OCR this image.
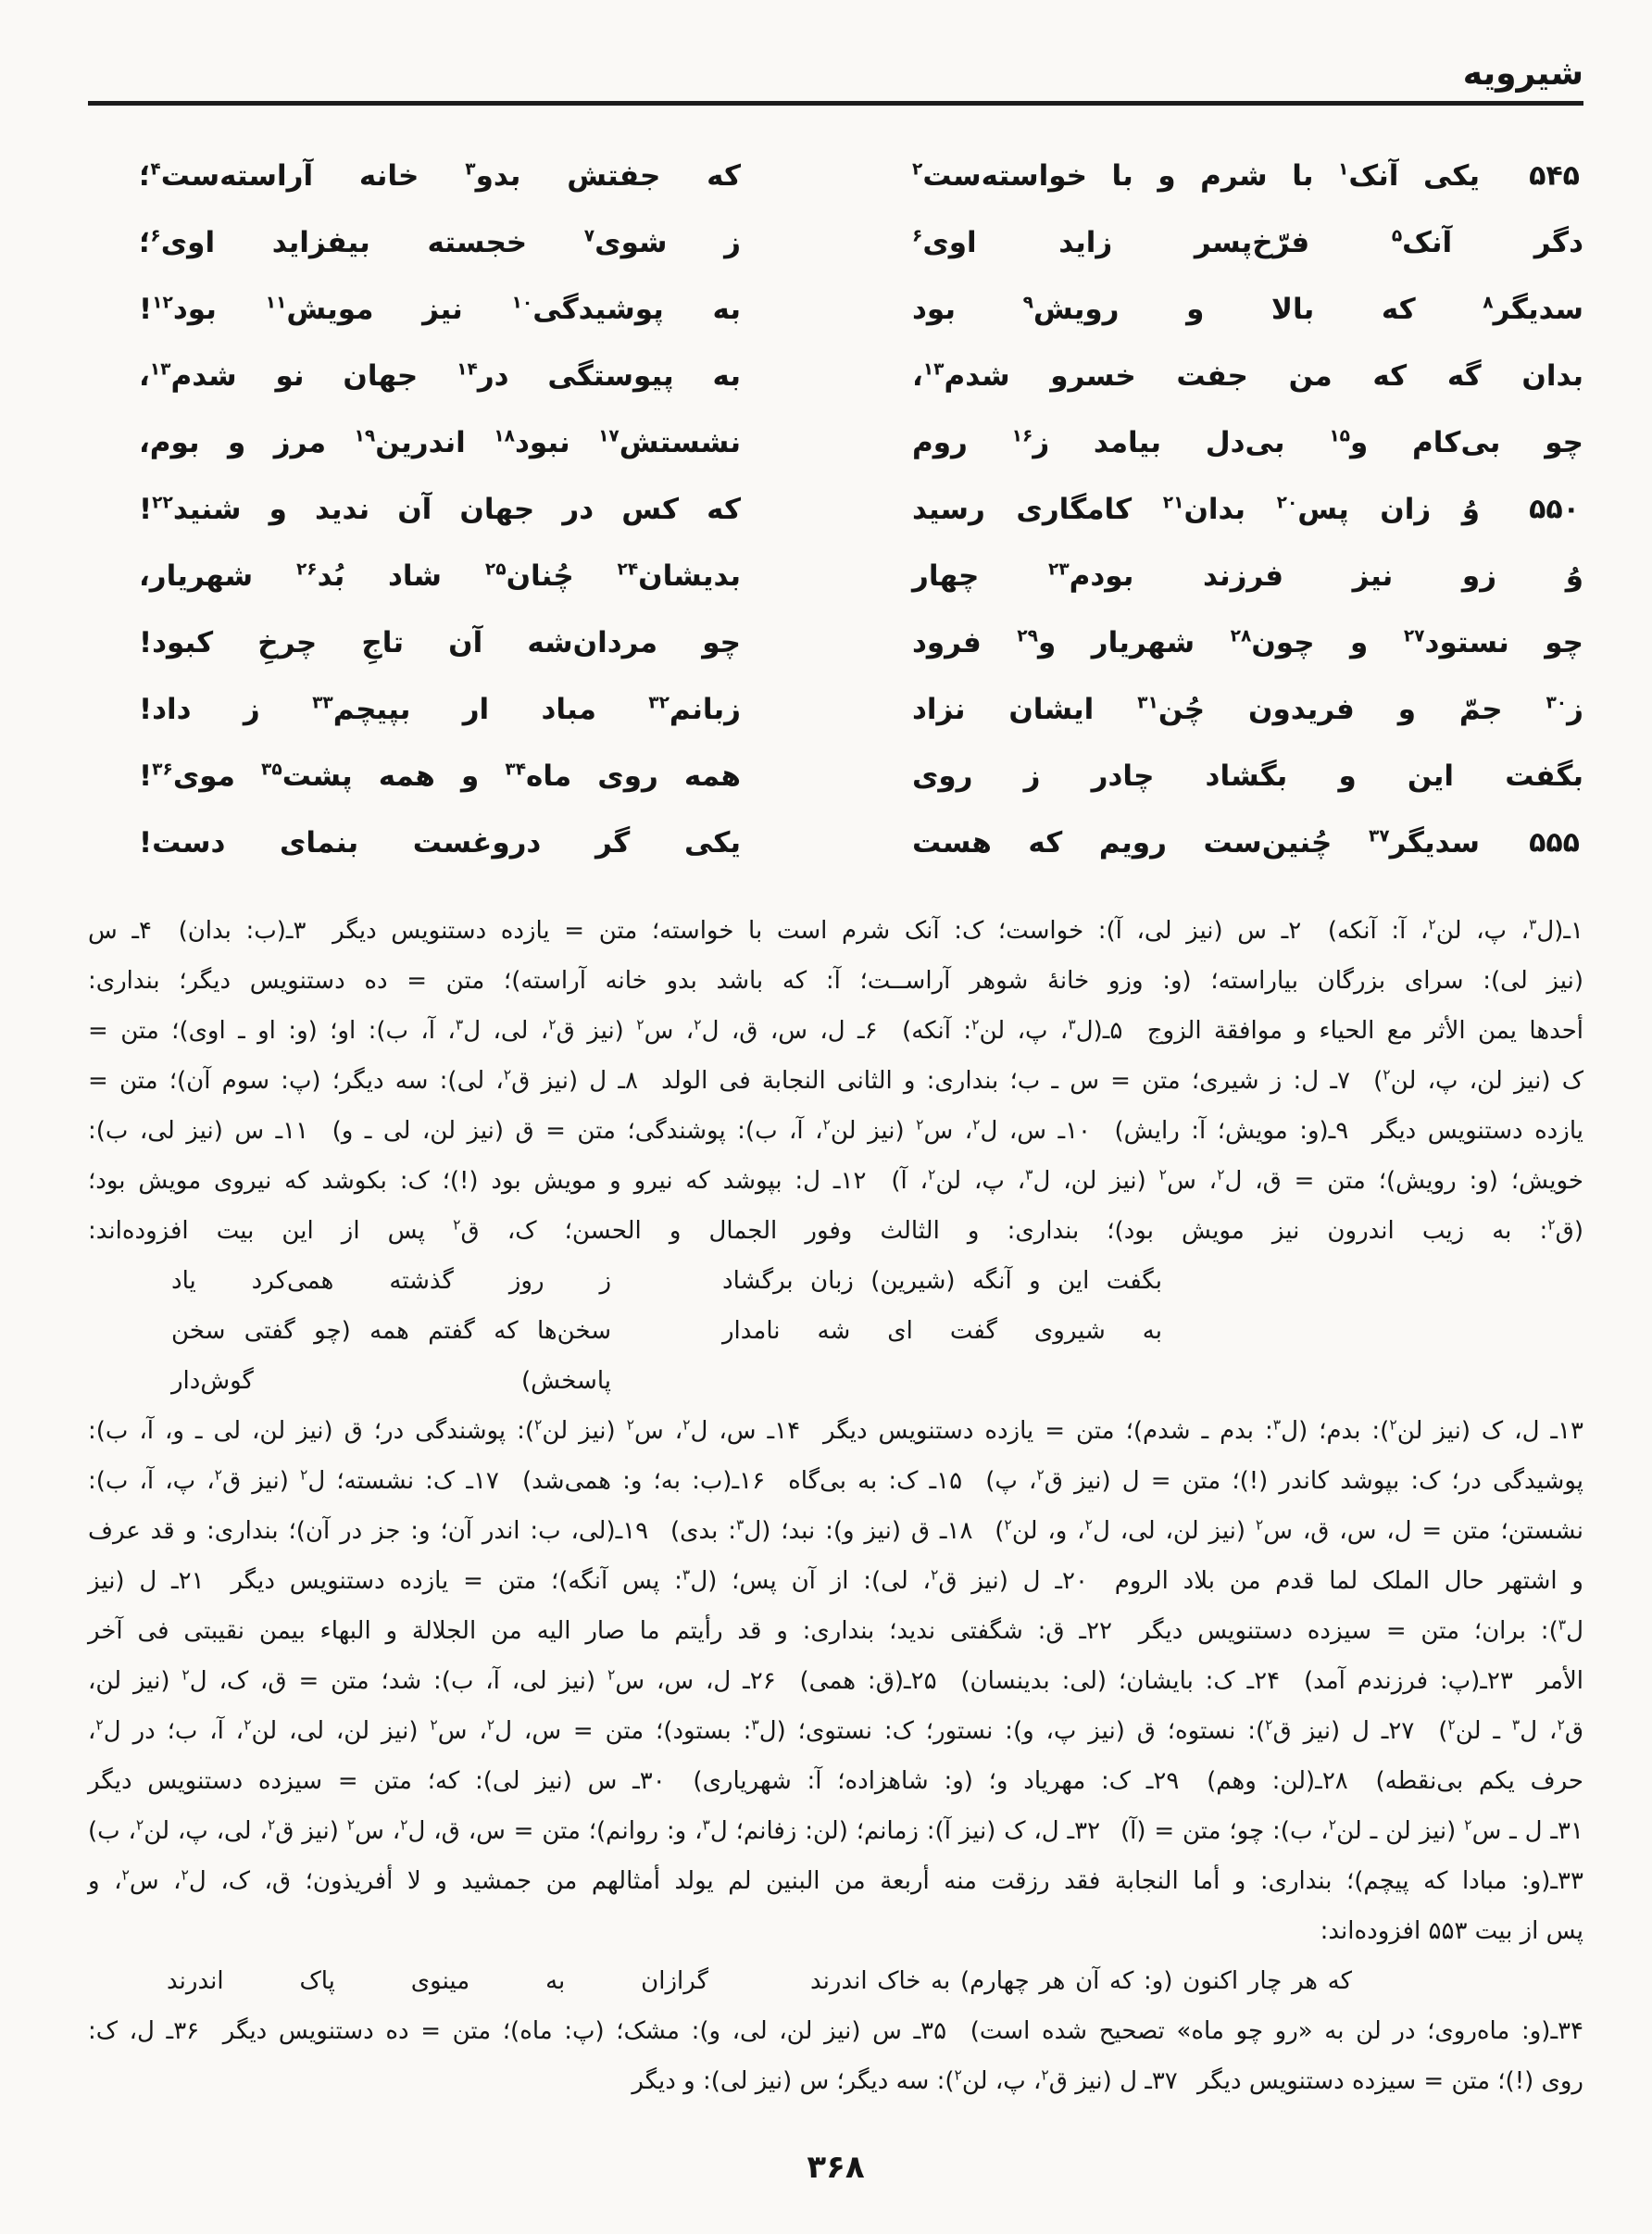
شیرویه
۵۴۵
یکی آنک$^۱$ با شرم و با خواسته‌ست$^۲$
که جفتش بدو$^۳$ خانه آراسته‌ست$^۴$؛
دگر آنک$^۵$ فرّخ‌پسر زاید اوی$^۶$
ز شوی$^۷$ خجسته بیفزاید اوی$^۶$؛
سدیگر$^۸$ که بالا و رویش$^۹$ بود
به پوشیدگی$^{۱۰}$ نیز مویش$^{۱۱}$ بود$^{۱۲}$!
بدان گه که من جفت خسرو شدم$^{۱۳}$،
به پیوستگی در$^{۱۴}$ جهان نو شدم$^{۱۳}$،
چو بی‌کام و$^{۱۵}$ بی‌دل بیامد ز$^{۱۶}$ روم
نشستش$^{۱۷}$ نبود$^{۱۸}$ اندرین$^{۱۹}$ مرز و بوم،
۵۵۰
وُ زان پس$^{۲۰}$ بدان$^{۲۱}$ کامگاری رسید
که کس در جهان آن ندید و شنید$^{۲۲}$!
وُ زو نیز فرزند بودم$^{۲۳}$ چهار
بدیشان$^{۲۴}$ چُنان$^{۲۵}$ شاد بُد$^{۲۶}$ شهریار،
چو نستود$^{۲۷}$ و چون$^{۲۸}$ شهریار و$^{۲۹}$ فرود
چو مردان‌شه آن تاجِ چرخِ کبود!
ز$^{۳۰}$ جمّ و فریدون چُن$^{۳۱}$ ایشان نزاد
زبانم$^{۳۲}$ مباد ار بپیچم$^{۳۳}$ ز داد!
بگفت این و بگشاد چادر ز روی
همه روی ماه$^{۳۴}$ و همه پشت$^{۳۵}$ موی$^{۳۶}$!
۵۵۵
سدیگر$^{۳۷}$ چُنین‌ست رویم که هست
یکی گر دروغست بنمای دست!
۱ـ(ل$^۳$، پ، لن$^۲$، آ: آنکه)  ۲ـ س (نیز لی، آ): خواست؛ ک: آنک شرم است با خواسته؛ متن = یازده دستنویس دیگر  ۳ـ(ب: بدان)  ۴ـ س
(نیز لی): سرای بزرگان بیاراسته؛ (و: وزو خانهٔ شوهر آراســت؛ آ: که باشد بدو خانه آراسته)؛ متن = ده دستنویس دیگر؛ بنداری:
أحدها یمن الأثر مع الحیاء و موافقة الزوج  ۵ـ(ل$^۳$، پ، لن$^۲$: آنکه)  ۶ـ ل، س، ق، ل$^۲$، س$^۲$ (نیز ق$^۲$، لی، ل$^۳$، آ، ب): او؛ (و: او ـ اوی)؛ متن =
ک (نیز لن، پ، لن$^۲$)  ۷ـ ل: ز شیری؛ متن = س ـ ب؛ بنداری: و الثانی النجابة فی الولد  ۸ـ ل (نیز ق$^۲$، لی): سه دیگر؛ (پ: سوم آن)؛ متن =
یازده دستنویس دیگر  ۹ـ(و: مویش؛ آ: رایش)  ۱۰ـ س، ل$^۲$، س$^۲$ (نیز لن$^۲$، آ، ب): پوشندگی؛ متن = ق (نیز لن، لی ـ و)  ۱۱ـ س (نیز لی، ب):
خویش؛ (و: رویش)؛ متن = ق، ل$^۲$، س$^۲$ (نیز لن، ل$^۳$، پ، لن$^۲$، آ)  ۱۲ـ ل: بپوشد که نیرو و مویش بود (!)؛ ک: بکوشد که نیروی مویش بود؛
(ق$^۲$: به زیب اندرون نیز مویش بود)؛ بنداری: و الثالث وفور الجمال و الحسن؛ ک، ق$^۲$ پس از این بیت افزوده‌اند:
بگفت این و آنگه (شیرین) زبان برگشاد
ز روز گذشته همی‌کرد یاد
به شیروی گفت ای شه نامدار
سخن‌ها که گفتم همه (چو گفتی سخن پاسخش) گوش‌دار
۱۳ـ ل، ک (نیز لن$^۲$): بدم؛ (ل$^۳$: بدم ـ شدم)؛ متن = یازده دستنویس دیگر  ۱۴ـ س، ل$^۲$، س$^۲$ (نیز لن$^۲$): پوشندگی در؛ ق (نیز لن، لی ـ و، آ، ب):
پوشیدگی در؛ ک: بپوشد کاندر (!)؛ متن = ل (نیز ق$^۲$، پ)  ۱۵ـ ک: به بی‌گاه  ۱۶ـ(ب: به؛ و: همی‌شد)  ۱۷ـ ک: نشسته؛ ل$^۲$ (نیز ق$^۲$، پ، آ، ب):
نشستن؛ متن = ل، س، ق، س$^۲$ (نیز لن، لی، ل$^۲$، و، لن$^۲$)  ۱۸ـ ق (نیز و): نبد؛ (ل$^۳$: بدی)  ۱۹ـ(لی، ب: اندر آن؛ و: جز در آن)؛ بنداری: و قد عرف
و اشتهر حال الملک لما قدم من بلاد الروم  ۲۰ـ ل (نیز ق$^۲$، لی): از آن پس؛ (ل$^۳$: پس آنگه)؛ متن = یازده دستنویس دیگر  ۲۱ـ ل (نیز
ل$^۳$): بران؛ متن = سیزده دستنویس دیگر  ۲۲ـ ق: شگفتی ندید؛ بنداری: و قد رأیتم ما صار الیه من الجلالة و البهاء بیمن نقیبتی فی آخر
الأمر  ۲۳ـ(پ: فرزندم آمد)  ۲۴ـ ک: بایشان؛ (لی: بدینسان)  ۲۵ـ(ق: همی)  ۲۶ـ ل، س، س$^۲$ (نیز لی، آ، ب): شد؛ متن = ق، ک، ل$^۲$ (نیز لن،
ق$^۲$، ل$^۳$ ـ لن$^۲$)  ۲۷ـ ل (نیز ق$^۲$): نستوه؛ ق (نیز پ، و): نستور؛ ک: نستوی؛ (ل$^۳$: بستود)؛ متن = س، ل$^۲$، س$^۲$ (نیز لن، لی، لن$^۲$، آ، ب؛ در ل$^۲$،
حرف یکم بی‌نقطه)  ۲۸ـ(لن: وهم)  ۲۹ـ ک: مهریاد و؛ (و: شاهزاده؛ آ: شهریاری)  ۳۰ـ س (نیز لی): که؛ متن = سیزده دستنویس دیگر
۳۱ـ ل ـ س$^۲$ (نیز لن ـ لن$^۲$، ب): چو؛ متن = (آ)  ۳۲ـ ل، ک (نیز آ): زمانم؛ (لن: زفانم؛ ل$^۳$، و: روانم)؛ متن = س، ق، ل$^۲$، س$^۲$ (نیز ق$^۲$، لی، پ، لن$^۲$، ب)
۳۳ـ(و: مبادا که پیچم)؛ بنداری: و أما النجابة فقد رزقت منه أربعة من البنین لم یولد أمثالهم من جمشید و لا أفریذون؛ ق، ک، ل$^۲$، س$^۲$، و
پس از بیت ۵۵۳ افزوده‌اند:
که هر چار اکنون (و: که آن هر چهارم) به خاک اندرند
گرازان به مینوی پاک اندرند
۳۴ـ(و: ماه‌روی؛ در لن به «رو چو ماه» تصحیح شده است)  ۳۵ـ س (نیز لن، لی، و): مشک؛ (پ: ماه)؛ متن = ده دستنویس دیگر  ۳۶ـ ل، ک:
روی (!)؛ متن = سیزده دستنویس دیگر  ۳۷ـ ل (نیز ق$^۲$، پ، لن$^۲$): سه دیگر؛ س (نیز لی): و دیگر
۳۶۸
